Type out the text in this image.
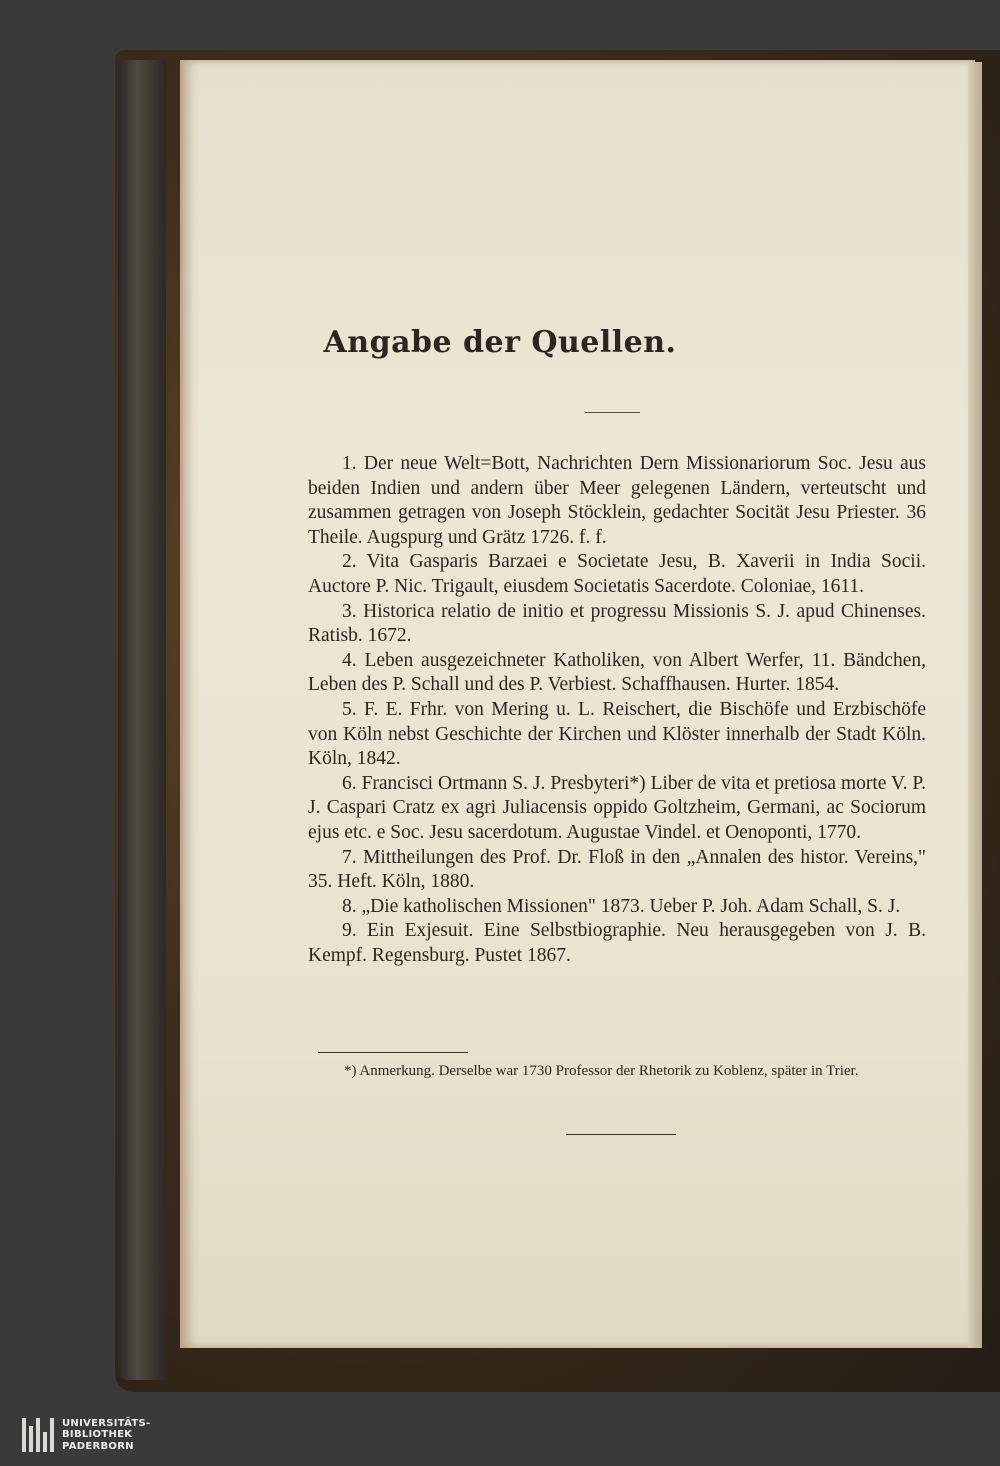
Angabe der Quellen.

1. Der neue Welt=Bott, Nachrichten Dern Missionariorum Soc. Jesu aus beiden Indien und andern über Meer gelegenen Ländern, verteutscht und zusammen getragen von Joseph Stöcklein, gedachter Socität Jesu Priester. 36 Theile. Augspurg und Grätz 1726. f. f.

2. Vita Gasparis Barzaei e Societate Jesu, B. Xaverii in India Socii. Auctore P. Nic. Trigault, eiusdem Societatis Sacerdote. Coloniae, 1611.

3. Historica relatio de initio et progressu Missionis S. J. apud Chinenses. Ratisb. 1672.

4. Leben ausgezeichneter Katholiken, von Albert Werfer, 11. Bändchen, Leben des P. Schall und des P. Verbiest. Schaffhausen. Hurter. 1854.

5. F. E. Frhr. von Mering u. L. Reischert, die Bischöfe und Erzbischöfe von Köln nebst Geschichte der Kirchen und Klöster innerhalb der Stadt Köln. Köln, 1842.

6. Francisci Ortmann S. J. Presbyteri*) Liber de vita et pretiosa morte V. P. J. Caspari Cratz ex agri Juliacensis oppido Goltzheim, Germani, ac Sociorum ejus etc. e Soc. Jesu sacerdotum. Augustae Vindel. et Oenoponti, 1770.

7. Mittheilungen des Prof. Dr. Floß in den „Annalen des histor. Vereins," 35. Heft. Köln, 1880.

8. „Die katholischen Missionen" 1873. Ueber P. Joh. Adam Schall, S. J.

9. Ein Exjesuit. Eine Selbstbiographie. Neu herausgegeben von J. B. Kempf. Regensburg. Pustet 1867.

*) Anmerkung. Derselbe war 1730 Professor der Rhetorik zu Koblenz, später in Trier.
UNIVERSITÄTS-
BIBLIOTHEK
PADERBORN
